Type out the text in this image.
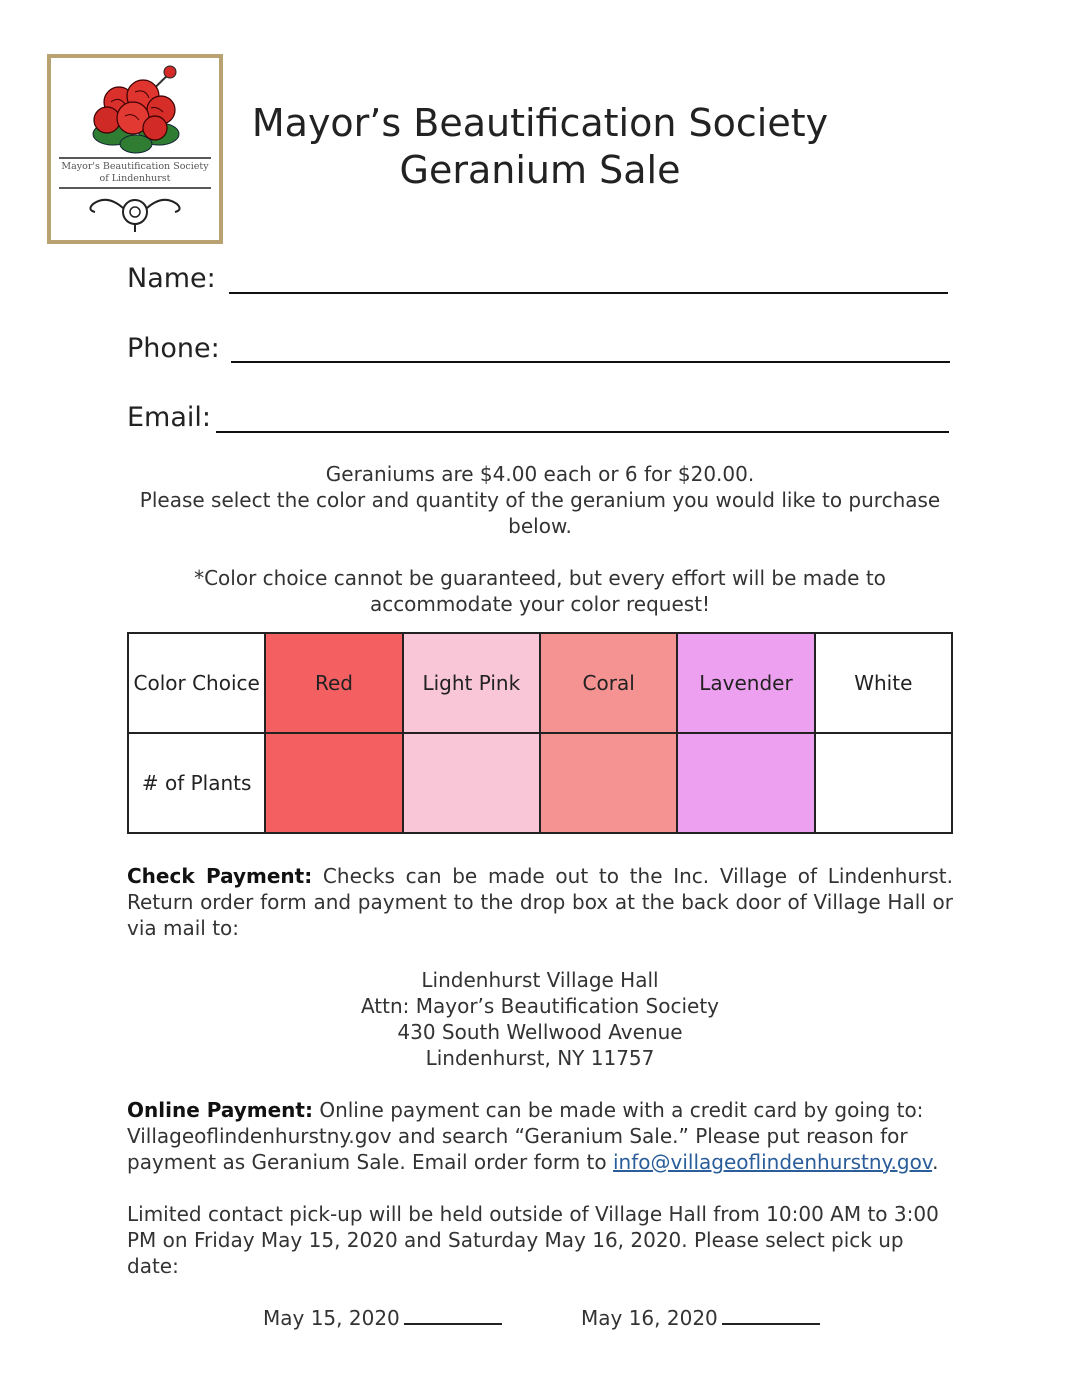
Mayor's Beautification Society
of Lindenhurst
Mayor’s Beautification Society
Geranium Sale
Name:
Phone:
Email:
Geraniums are $4.00 each or 6 for $20.00.
Please select the color and quantity of the geranium you would like to purchase below.
*Color choice cannot be guaranteed, but every effort will be made to accommodate your color request!
Color Choice	Red	Light Pink	Coral	Lavender	White
# of Plants					
Check Payment: Checks can be made out to the Inc. Village of Lindenhurst. Return order form and payment to the drop box at the back door of Village Hall or via mail to:
Lindenhurst Village Hall
Attn: Mayor’s Beautification Society
430 South Wellwood Avenue
Lindenhurst, NY 11757
Online Payment: Online payment can be made with a credit card by going to: Villageoflindenhurstny.gov and search “Geranium Sale.” Please put reason for payment as Geranium Sale. Email order form to info@villageoflindenhurstny.gov.
Limited contact pick-up will be held outside of Village Hall from 10:00 AM to 3:00 PM on Friday May 15, 2020 and Saturday May 16, 2020. Please select pick up date:
May 15, 2020	May 16, 2020
